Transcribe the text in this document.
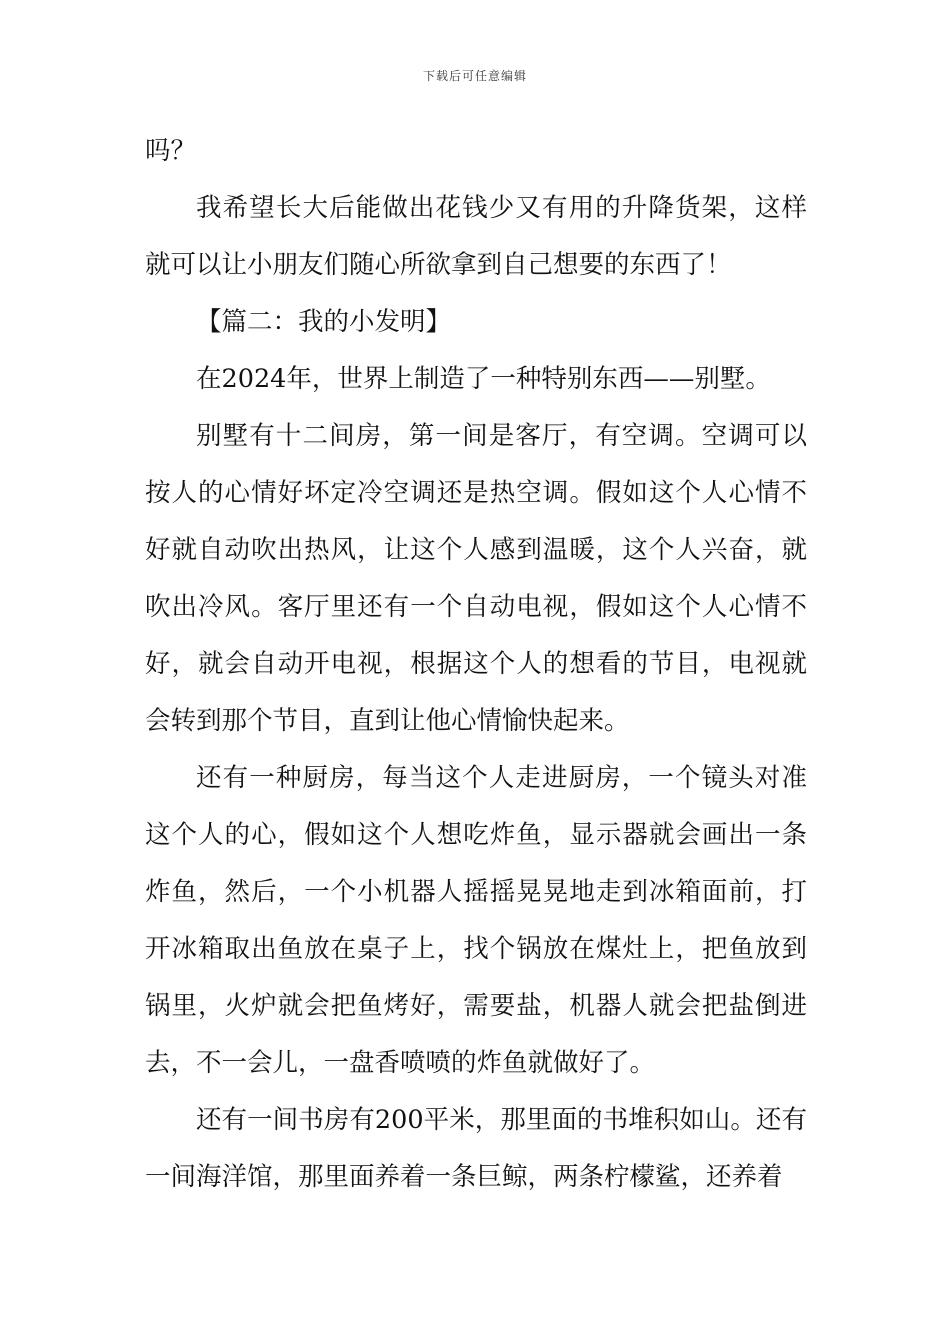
下载后可任意编辑

吗？

我希望长大后能做出花钱少又有用的升降货架，这样就可以让小朋友们随心所欲拿到自己想要的东西了！

【篇二：我的小发明】

在2024年，世界上制造了一种特别东西——别墅。

别墅有十二间房，第一间是客厅，有空调。空调可以按人的心情好坏定冷空调还是热空调。假如这个人心情不好就自动吹出热风，让这个人感到温暖，这个人兴奋，就吹出冷风。客厅里还有一个自动电视，假如这个人心情不好，就会自动开电视，根据这个人的想看的节目，电视就会转到那个节目，直到让他心情愉快起来。

还有一种厨房，每当这个人走进厨房，一个镜头对准这个人的心，假如这个人想吃炸鱼，显示器就会画出一条炸鱼，然后，一个小机器人摇摇晃晃地走到冰箱面前，打开冰箱取出鱼放在桌子上，找个锅放在煤灶上，把鱼放到锅里，火炉就会把鱼烤好，需要盐，机器人就会把盐倒进去，不一会儿，一盘香喷喷的炸鱼就做好了。

还有一间书房有200平米，那里面的书堆积如山。还有一间海洋馆，那里面养着一条巨鲸，两条柠檬鲨，还养着
